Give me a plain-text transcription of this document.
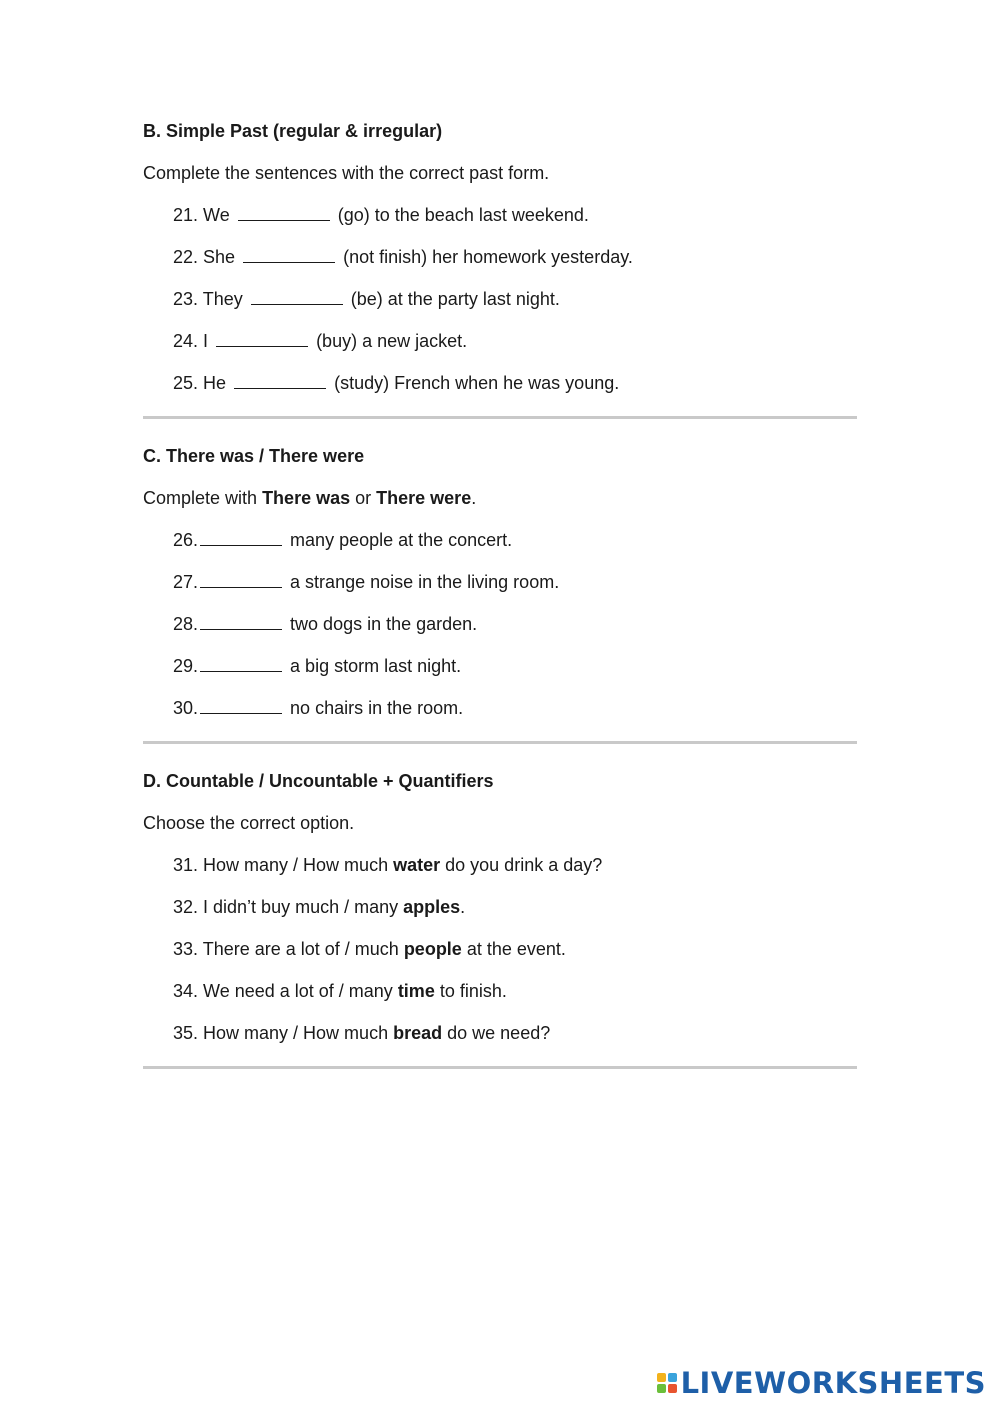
B. Simple Past (regular & irregular)

Complete the sentences with the correct past form.

21. We	(go) to the beach last weekend.
22. She	(not finish) her homework yesterday.
23. They	(be) at the party last night.
24. I	(buy) a new jacket.
25. He	(study) French when he was young.

C. There was / There were

Complete with There was or There were.

26.	many people at the concert.
27.	a strange noise in the living room.
28.	two dogs in the garden.
29.	a big storm last night.
30.	no chairs in the room.

D. Countable / Uncountable + Quantifiers

Choose the correct option.

31. How many / How much water do you drink a day?
32. I didn’t buy much / many apples.
33. There are a lot of / much people at the event.
34. We need a lot of / many time to finish.
35. How many / How much bread do we need?
LIVEWORKSHEETS
